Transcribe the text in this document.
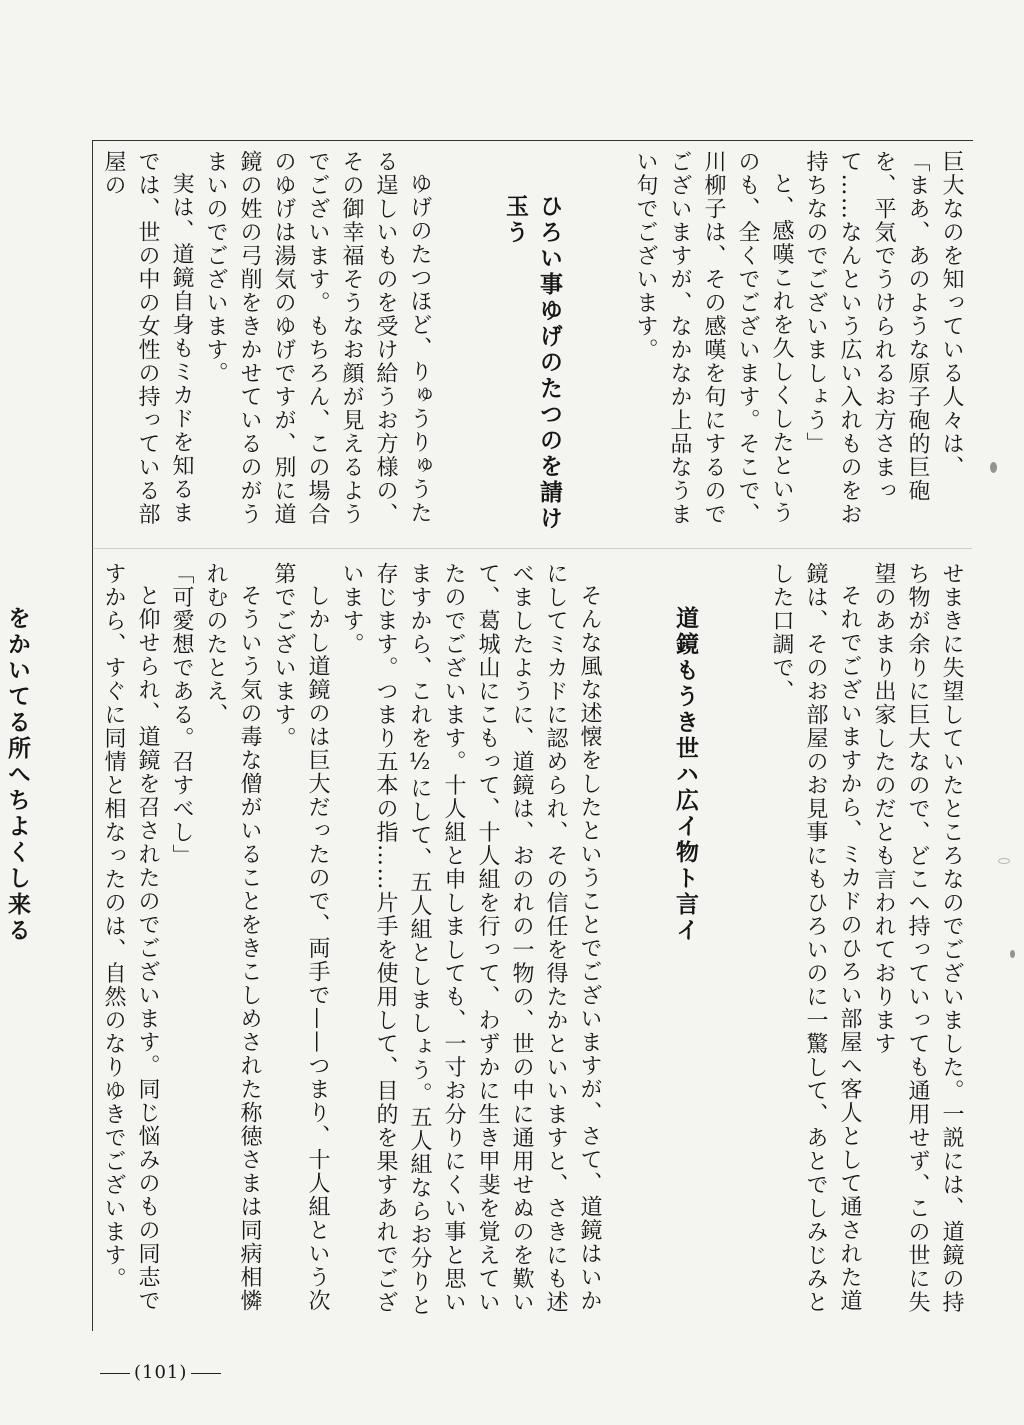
巨大なのを知っている人々は、

「まあ、あのような原子砲的巨砲を、平気でうけられるお方さまって……なんという広い入れものをお持ちなのでございましょう」

と、感嘆これを久しくしたというのも、全くでございます。そこで、川柳子は、その感嘆を句にするのでございますが、なかなか上品なうまい句でございます。

ひろい事ゆげのたつのを請け玉う

ゆげのたつほど、りゅうりゅうたる逞しいものを受け給うお方様の、その御幸福そうなお顔が見えるようでございます。もちろん、この場合のゆげは湯気のゆげですが、別に道鏡の姓の弓削をきかせているのがうまいのでございます。

実は、道鏡自身もミカドを知るまでは、世の中の女性の持っている部屋の

せまきに失望していたところなのでございました。一説には、道鏡の持ち物が余りに巨大なので、どこへ持っていっても通用せず、この世に失望のあまり出家したのだとも言われております

それでございますから、ミカドのひろい部屋へ客人として通された道鏡は、そのお部屋のお見事にもひろいのに一驚して、あとでしみじみとした口調で、

道鏡もうき世ハ広イ物ト言イ

そんな風な述懐をしたということでございますが、さて、道鏡はいかにしてミカドに認められ、その信任を得たかといいますと、さきにも述べましたように、道鏡は、おのれの一物の、世の中に通用せぬのを歎いて、葛城山にこもって、十人組を行って、わずかに生き甲斐を覚えていたのでございます。十人組と申しましても、一寸お分りにくい事と思いますから、これを½にして、五人組としましょう。五人組ならお分りと存じます。つまり五本の指……片手を使用して、目的を果すあれでございます。

しかし道鏡のは巨大だったので、両手で——つまり、十人組という次第でございます。

そういう気の毒な僧がいることをきこしめされた称徳さまは同病相憐れむのたとえ、

「可愛想である。召すべし」

と仰せられ、道鏡を召されたのでございます。同じ悩みのもの同志ですから、すぐに同情と相なったのは、自然のなりゆきでございます。

をかいてる所へちよくし来る

(101)
